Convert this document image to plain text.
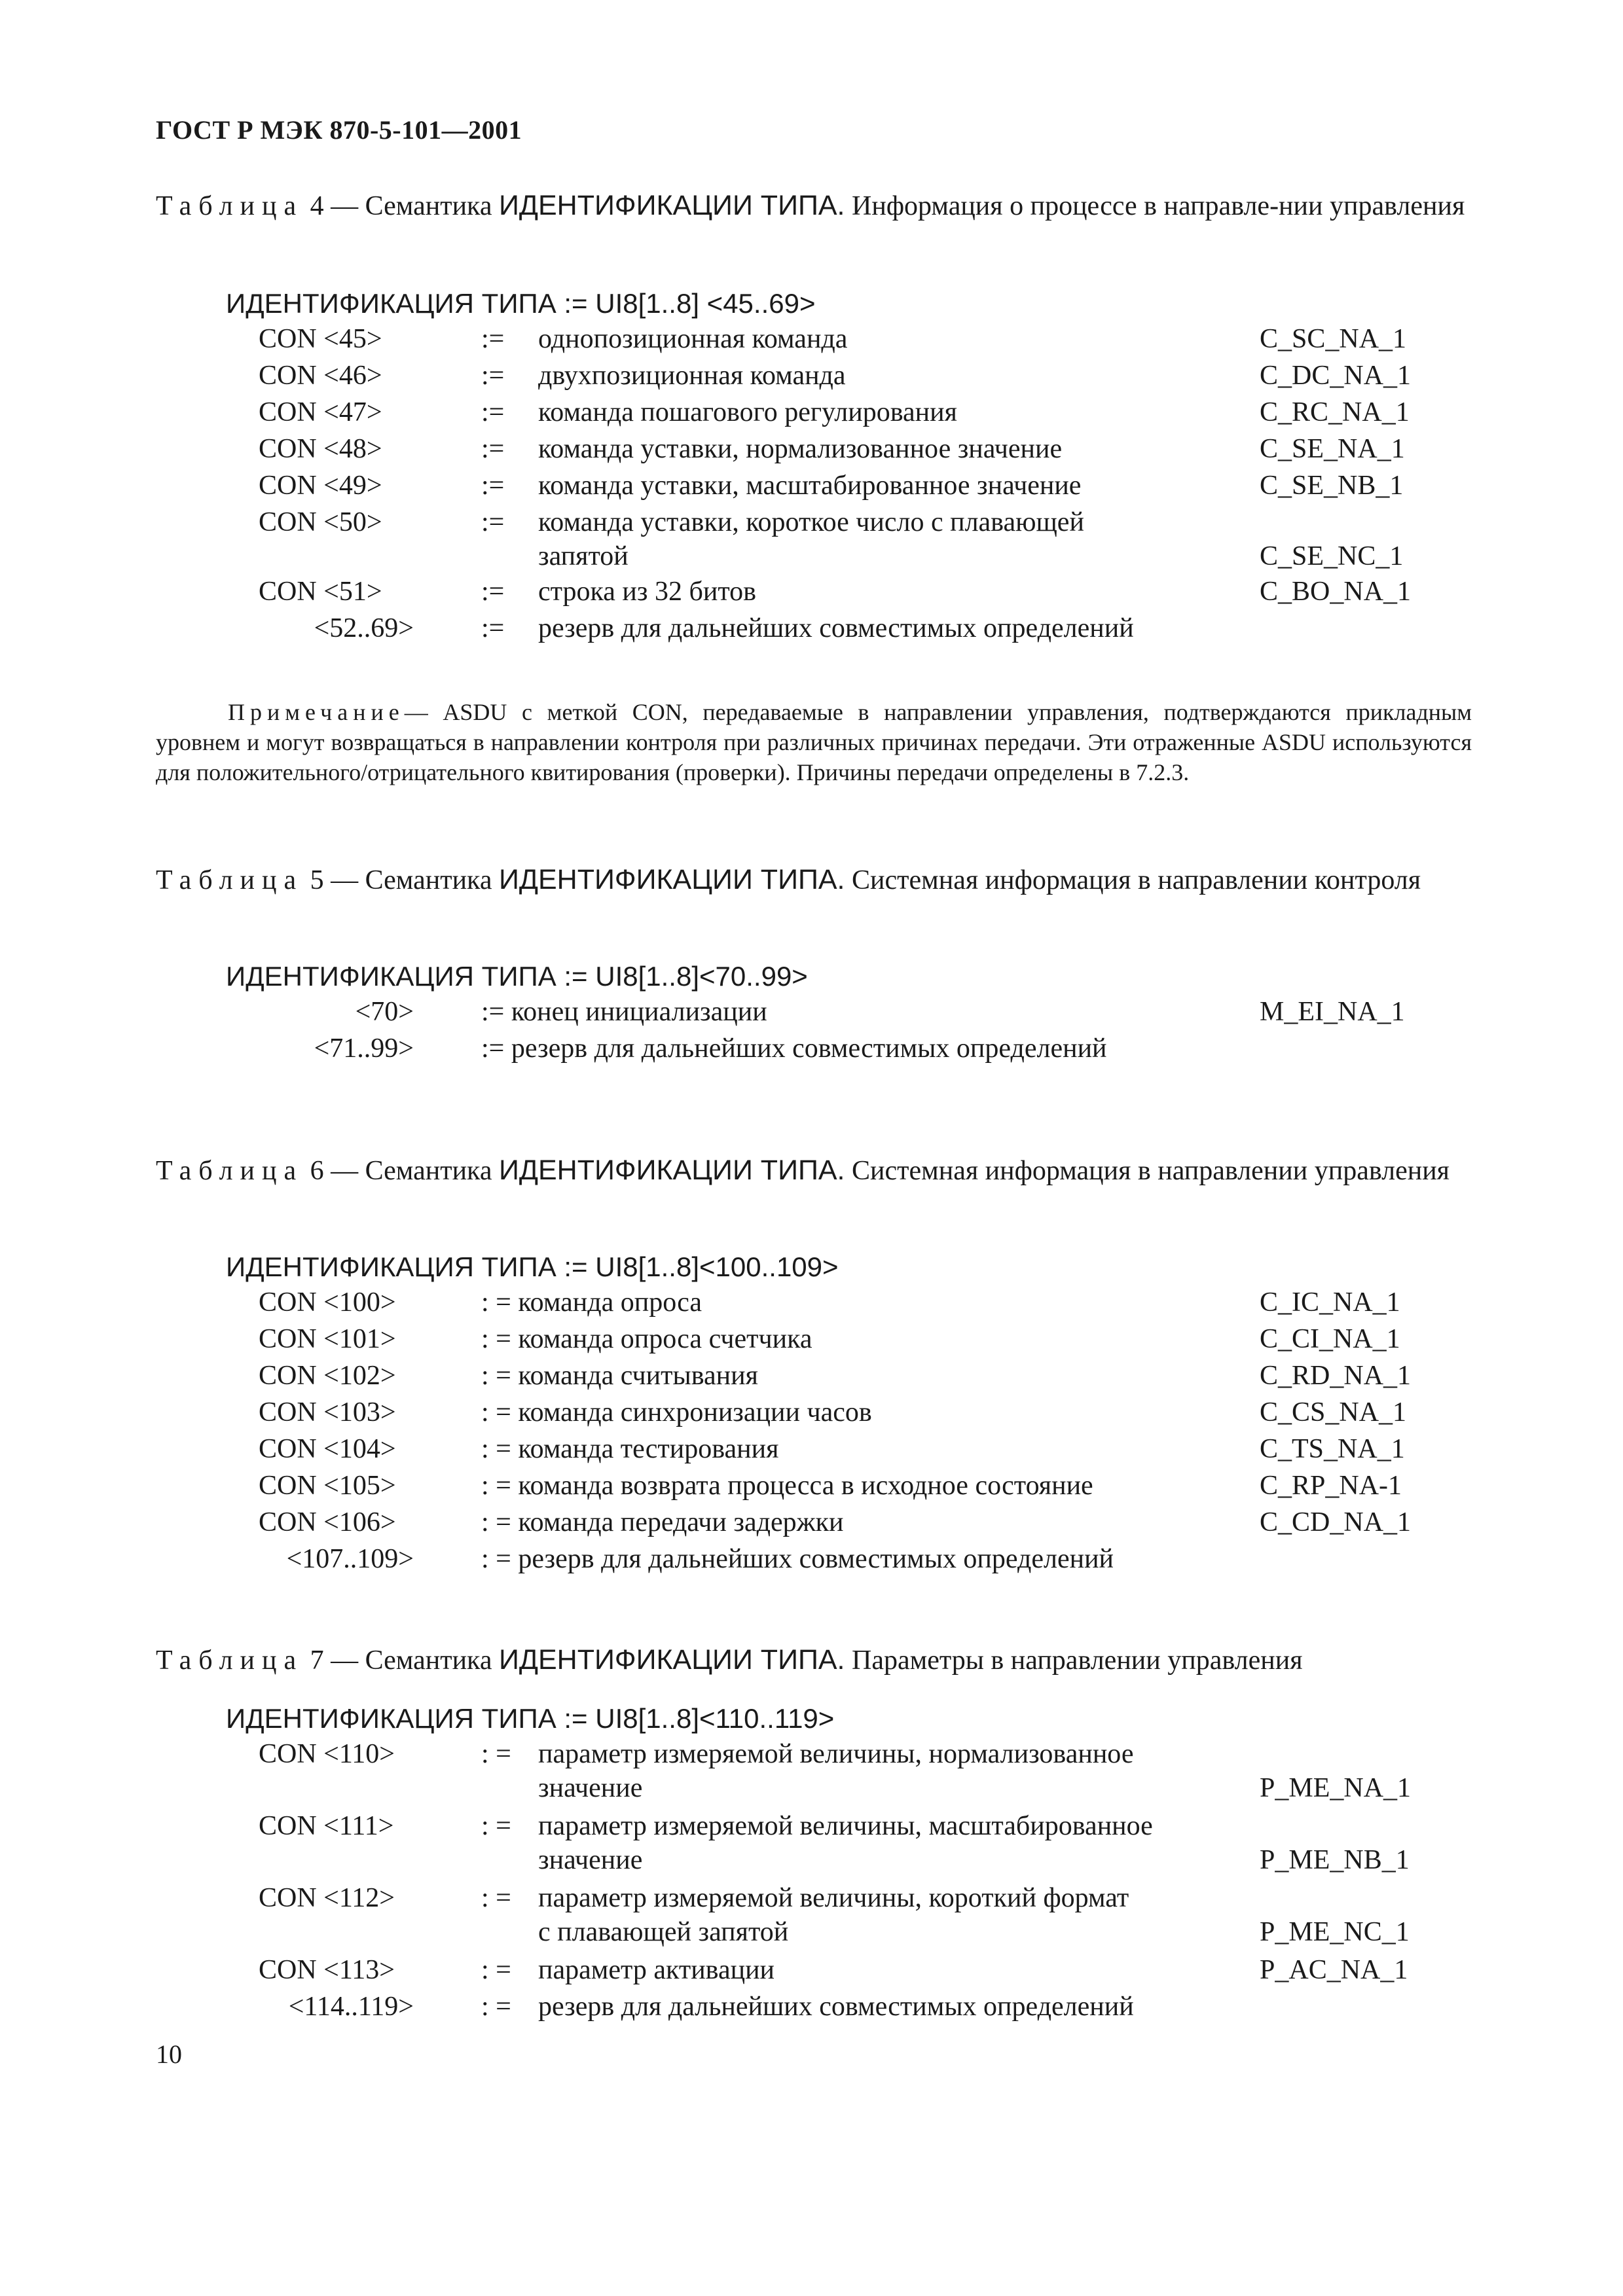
ГОСТ Р МЭК 870-5-101—2001
Таблица 4 — Семантика ИДЕНТИФИКАЦИИ ТИПА. Информация о процессе в направле-нии управления
ИДЕНТИФИКАЦИЯ ТИПА := UI8[1..8] <45..69>
CON <45>	:= однопозиционная команда	C_SC_NA_1
CON <46>	:= двухпозиционная команда	C_DC_NA_1
CON <47>	:= команда пошагового регулирования	C_RC_NA_1
CON <48>	:= команда уставки, нормализованное значение	C_SE_NA_1
CON <49>	:= команда уставки, масштабированное значение	C_SE_NB_1
CON <50>	:= команда уставки, короткое число с плавающей
запятой	C_SE_NC_1
CON <51>	:= строка из 32 битов	C_BO_NA_1
<52..69> := резерв для дальнейших совместимых определений
Примечание— ASDU с меткой CON, передаваемые в направлении управления, подтверждаются прикладным уровнем и могут возвращаться в направлении контроля при различных причинах передачи. Эти отраженные ASDU используются для положительного/отрицательного квитирования (проверки). Причины передачи определены в 7.2.3.
Таблица 5 — Семантика ИДЕНТИФИКАЦИИ ТИПА. Системная информация в направлении контроля
ИДЕНТИФИКАЦИЯ ТИПА := UI8[1..8]<70..99>
<70> := конец инициализации	M_EI_NA_1
<71..99> := резерв для дальнейших совместимых определений
Таблица 6 — Семантика ИДЕНТИФИКАЦИИ ТИПА. Системная информация в направлении управления
ИДЕНТИФИКАЦИЯ ТИПА := UI8[1..8]<100..109>
CON <100>	: = команда опроса	C_IC_NA_1
CON <101>	: = команда опроса счетчика	C_CI_NA_1
CON <102>	: = команда считывания	C_RD_NA_1
CON <103>	: = команда синхронизации часов	C_CS_NA_1
CON <104>	: = команда тестирования	C_TS_NA_1
CON <105>	: = команда возврата процесса в исходное состояние	C_RP_NA-1
CON <106>	: = команда передачи задержки	C_CD_NA_1
<107..109> : = резерв для дальнейших совместимых определений
Таблица 7 — Семантика ИДЕНТИФИКАЦИИ ТИПА. Параметры в направлении управления
ИДЕНТИФИКАЦИЯ ТИПА := UI8[1..8]<110..119>
CON <110>	: = параметр измеряемой величины, нормализованное
значение	P_ME_NA_1
CON <111>	: = параметр измеряемой величины, масштабированное
значение	P_ME_NB_1
CON <112>	: = параметр измеряемой величины, короткий формат
с плавающей запятой	P_ME_NC_1
CON <113>	: = параметр активации	P_AC_NA_1
<114..119> : = резерв для дальнейших совместимых определений
10
